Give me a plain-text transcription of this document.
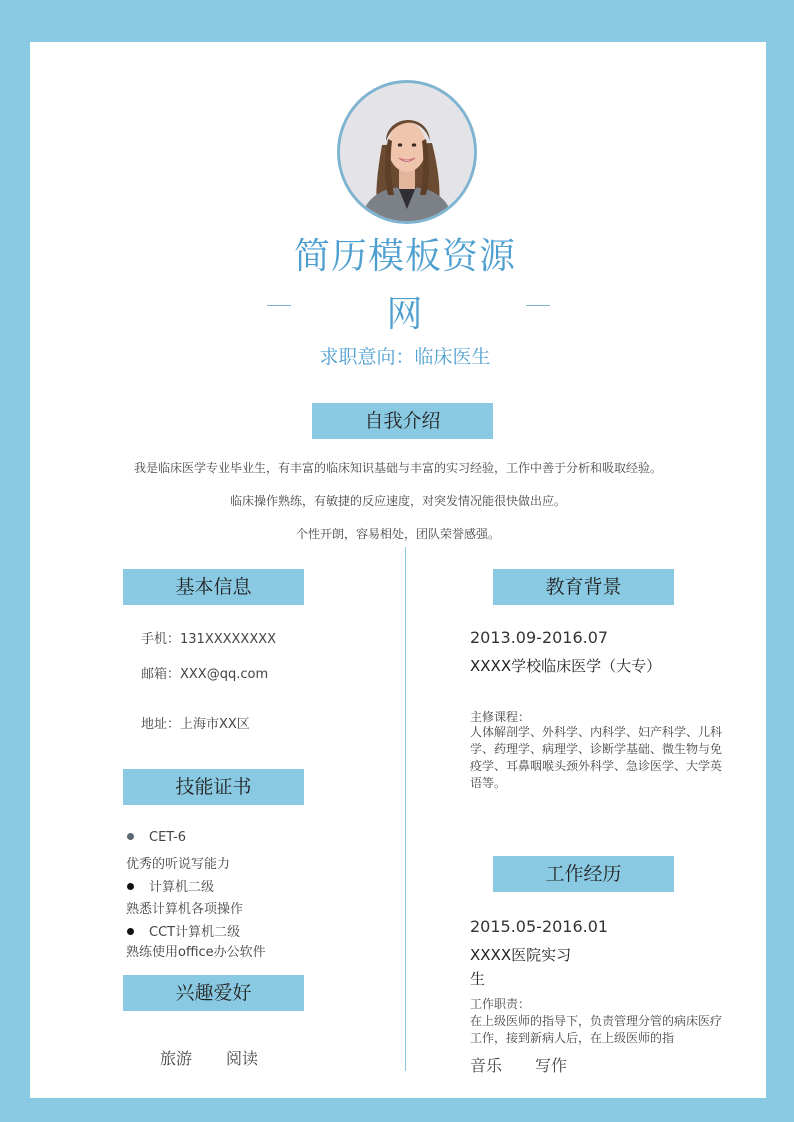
简历模板资源网
求职意向：临床医生
自我介绍
我是临床医学专业毕业生，有丰富的临床知识基础与丰富的实习经验，工作中善于分析和吸取经验。
临床操作熟练，有敏捷的反应速度，对突发情况能很快做出应。
个性开朗，容易相处，团队荣誉感强。
基本信息
手机：131XXXXXXXX
邮箱：XXX@qq.com
地址：上海市XX区
技能证书
CET-6
优秀的听说写能力
计算机二级
熟悉计算机各项操作
CCT计算机二级
熟练使用office办公软件
兴趣爱好
旅游 阅读	音乐 写作
教育背景
2013.09-2016.07
XXXX学校临床医学（大专）
主修课程：
人体解剖学、外科学、内科学、妇产科学、儿科学、药理学、病理学、诊断学基础、微生物与免疫学、耳鼻咽喉头颈外科学、急诊医学、大学英语等。
工作经历
2015.05-2016.01
XXXX医院实习生
工作职责：
在上级医师的指导下，负责管理分管的病床医疗工作，接到新病人后，在上级医师的指
